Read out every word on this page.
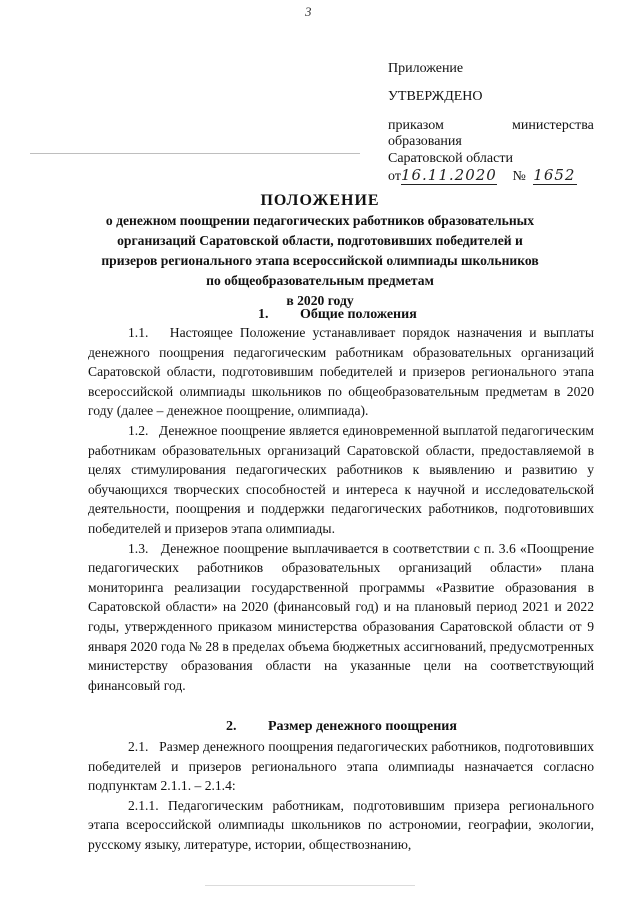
3
Приложение
УТВЕРЖДЕНО
приказом	министерства
образования
Саратовской области
от16.11.2020 № 1652
ПОЛОЖЕНИЕ
о денежном поощрении педагогических работников образовательных
организаций Саратовской области, подготовивших победителей и
призеров регионального этапа всероссийской олимпиады школьников
по общеобразовательным предметам
в 2020 году
1. Общие положения

1.1.   Настоящее Положение устанавливает порядок назначения и выплаты денежного поощрения педагогическим работникам образовательных организаций Саратовской области, подготовившим победителей и призеров регионального этапа всероссийской олимпиады школьников по общеобразовательным предметам в 2020 году (далее – денежное поощрение, олимпиада).

1.2.   Денежное поощрение является единовременной выплатой педагогическим работникам образовательных организаций Саратовской области, предоставляемой в целях стимулирования педагогических работников к выявлению и развитию у обучающихся творческих способностей и интереса к научной и исследовательской деятельности, поощрения и поддержки педагогических работников, подготовивших победителей и призеров этапа олимпиады.

1.3.   Денежное поощрение выплачивается в соответствии с п. 3.6 «Поощрение педагогических работников образовательных организаций области» плана мониторинга реализации государственной программы «Развитие образования в Саратовской области» на 2020 (финансовый год) и на плановый период 2021 и 2022 годы, утвержденного приказом министерства образования Саратовской области от 9 января 2020 года № 28 в пределах объема бюджетных ассигнований, предусмотренных министерству образования области на указанные цели на соответствующий финансовый год.

2. Размер денежного поощрения

2.1.   Размер денежного поощрения педагогических работников, подготовивших победителей и призеров регионального этапа олимпиады назначается согласно подпунктам 2.1.1. – 2.1.4:

2.1.1. Педагогическим работникам, подготовившим призера регионального этапа всероссийской олимпиады школьников по астрономии, географии, экологии, русскому языку, литературе, истории, обществознанию,
